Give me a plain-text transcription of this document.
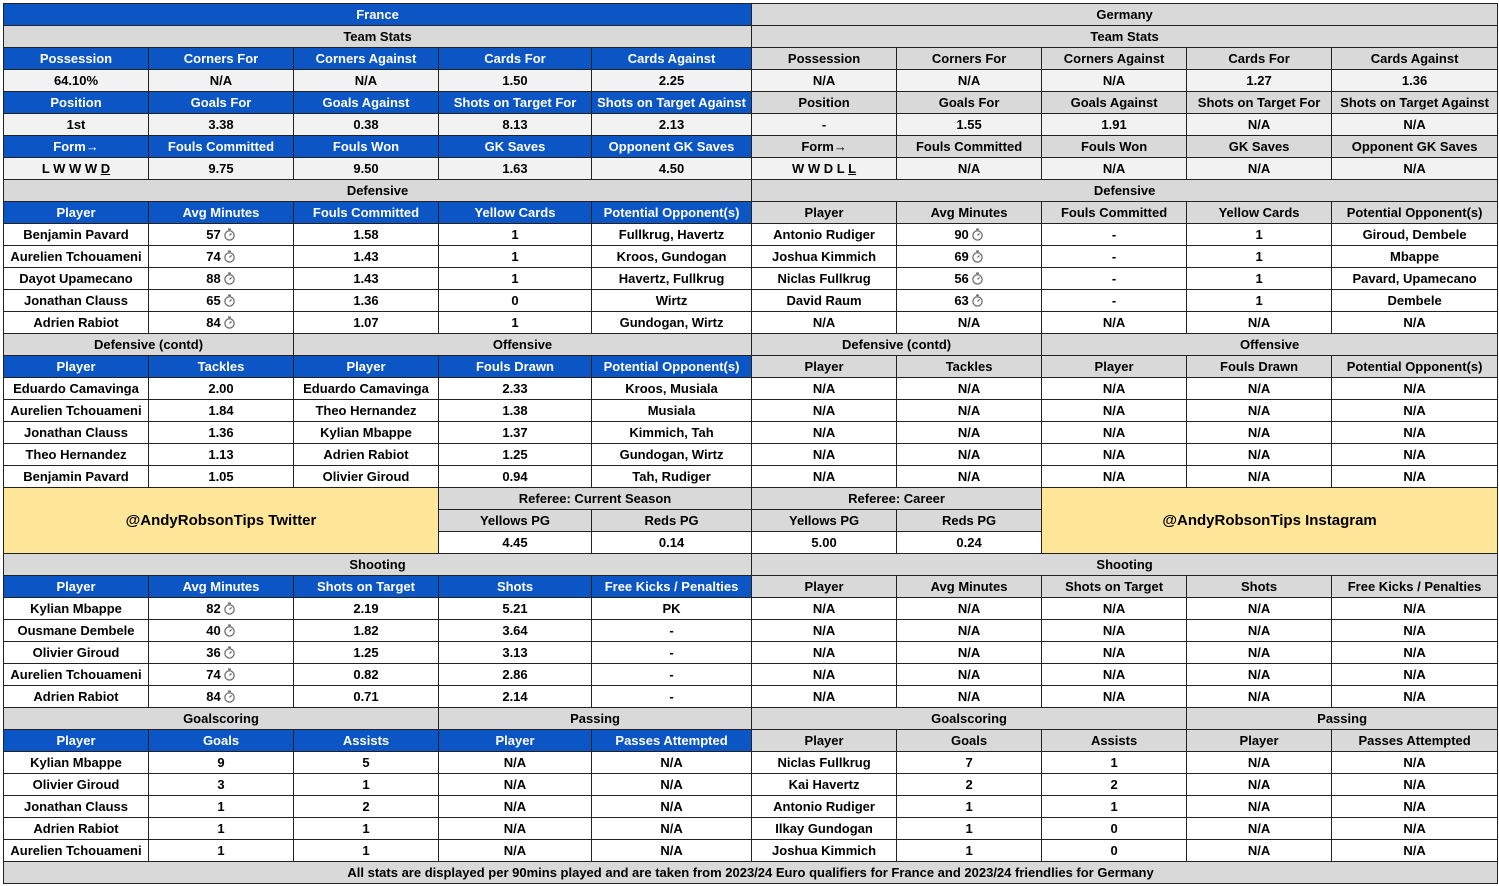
France					Germany				
Team Stats					Team Stats				
Possession	Corners For	Corners Against	Cards For	Cards Against	Possession	Corners For	Corners Against	Cards For	Cards Against
64.10%	N/A	N/A	1.50	2.25	N/A	N/A	N/A	1.27	1.36
Position	Goals For	Goals Against	Shots on Target For	Shots on Target Against	Position	Goals For	Goals Against	Shots on Target For	Shots on Target Against
1st	3.38	0.38	8.13	2.13	-	1.55	1.91	N/A	N/A
Form→	Fouls Committed	Fouls Won	GK Saves	Opponent GK Saves	Form→	Fouls Committed	Fouls Won	GK Saves	Opponent GK Saves
L W W W D	9.75	9.50	1.63	4.50	W W D L L	N/A	N/A	N/A	N/A
Defensive					Defensive				
Player	Avg Minutes	Fouls Committed	Yellow Cards	Potential Opponent(s)	Player	Avg Minutes	Fouls Committed	Yellow Cards	Potential Opponent(s)
Benjamin Pavard	57	1.58	1	Fullkrug, Havertz	Antonio Rudiger	90	-	1	Giroud, Dembele
Aurelien Tchouameni	74	1.43	1	Kroos, Gundogan	Joshua Kimmich	69	-	1	Mbappe
Dayot Upamecano	88	1.43	1	Havertz, Fullkrug	Niclas Fullkrug	56	-	1	Pavard, Upamecano
Jonathan Clauss	65	1.36	0	Wirtz	David Raum	63	-	1	Dembele
Adrien Rabiot	84	1.07	1	Gundogan, Wirtz	N/A	N/A	N/A	N/A	N/A
Defensive (contd)		Offensive			Defensive (contd)		Offensive		
Player	Tackles	Player	Fouls Drawn	Potential Opponent(s)	Player	Tackles	Player	Fouls Drawn	Potential Opponent(s)
Eduardo Camavinga	2.00	Eduardo Camavinga	2.33	Kroos, Musiala	N/A	N/A	N/A	N/A	N/A
Aurelien Tchouameni	1.84	Theo Hernandez	1.38	Musiala	N/A	N/A	N/A	N/A	N/A
Jonathan Clauss	1.36	Kylian Mbappe	1.37	Kimmich, Tah	N/A	N/A	N/A	N/A	N/A
Theo Hernandez	1.13	Adrien Rabiot	1.25	Gundogan, Wirtz	N/A	N/A	N/A	N/A	N/A
Benjamin Pavard	1.05	Olivier Giroud	0.94	Tah, Rudiger	N/A	N/A	N/A	N/A	N/A
@AndyRobsonTips Twitter			Referee: Current Season		Referee: Career		@AndyRobsonTips Instagram		
			Yellows PG	Reds PG	Yellows PG	Reds PG			
			4.45	0.14	5.00	0.24			
Shooting					Shooting				
Player	Avg Minutes	Shots on Target	Shots	Free Kicks / Penalties	Player	Avg Minutes	Shots on Target	Shots	Free Kicks / Penalties
Kylian Mbappe	82	2.19	5.21	PK	N/A	N/A	N/A	N/A	N/A
Ousmane Dembele	40	1.82	3.64	-	N/A	N/A	N/A	N/A	N/A
Olivier Giroud	36	1.25	3.13	-	N/A	N/A	N/A	N/A	N/A
Aurelien Tchouameni	74	0.82	2.86	-	N/A	N/A	N/A	N/A	N/A
Adrien Rabiot	84	0.71	2.14	-	N/A	N/A	N/A	N/A	N/A
Goalscoring			Passing		Goalscoring			Passing	
Player	Goals	Assists	Player	Passes Attempted	Player	Goals	Assists	Player	Passes Attempted
Kylian Mbappe	9	5	N/A	N/A	Niclas Fullkrug	7	1	N/A	N/A
Olivier Giroud	3	1	N/A	N/A	Kai Havertz	2	2	N/A	N/A
Jonathan Clauss	1	2	N/A	N/A	Antonio Rudiger	1	1	N/A	N/A
Adrien Rabiot	1	1	N/A	N/A	Ilkay Gundogan	1	0	N/A	N/A
Aurelien Tchouameni	1	1	N/A	N/A	Joshua Kimmich	1	0	N/A	N/A
All stats are displayed per 90mins played and are taken from 2023/24 Euro qualifiers for France and 2023/24 friendlies for Germany									
